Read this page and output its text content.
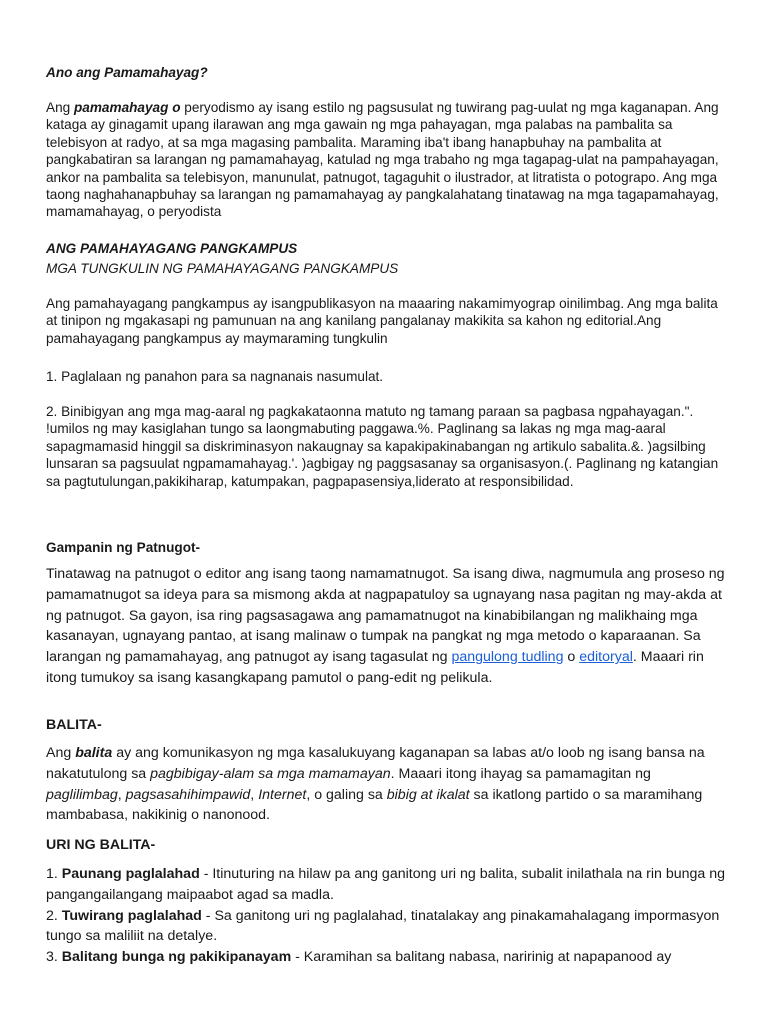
Ano ang Pamamahayag?

Ang pamamahayag o peryodismo ay isang estilo ng pagsusulat ng tuwirang pag-uulat ng mga kaganapan. Ang kataga ay ginagamit upang ilarawan ang mga gawain ng mga pahayagan, mga palabas na pambalita sa telebisyon at radyo, at sa mga magasing pambalita. Maraming iba't ibang hanapbuhay na pambalita at pangkabatiran sa larangan ng pamamahayag, katulad ng mga trabaho ng mga tagapag-ulat na pampahayagan, ankor na pambalita sa telebisyon, manunulat, patnugot, tagaguhit o ilustrador, at litratista o potograpo. Ang mga taong naghahanapbuhay sa larangan ng pamamahayag ay pangkalahatang tinatawag na mga tagapamahayag, mamamahayag, o peryodista

ANG PAMAHAYAGANG PANGKAMPUS
MGA TUNGKULIN NG PAMAHAYAGANG PANGKAMPUS

Ang pamahayagang pangkampus ay isangpublikasyon na maaaring nakamimyograp oinilimbag. Ang mga balita at tinipon ng mgakasapi ng pamunuan na ang kanilang pangalanay makikita sa kahon ng editorial.Ang pamahayagang pangkampus ay maymaraming tungkulin

1. Paglalaan ng panahon para sa nagnanais nasumulat.

2. Binibigyan ang mga mag-aaral ng pagkakataonna matuto ng tamang paraan sa pagbasa ngpahayagan.". !umilos ng may kasiglahan tungo sa laongmabuting paggawa.%. Paglinang sa lakas ng mga mag-aaral sapagmamasid hinggil sa diskriminasyon nakaugnay sa kapakipakinabangan ng artikulo sabalita.&. )agsilbing lunsaran sa pagsuulat ngpamamahayag.'. )agbigay ng paggsasanay sa organisasyon.(. Paglinang ng katangian sa pagtutulungan,pakikiharap, katumpakan, pagpapasensiya,liderato at responsibilidad.

Gampanin ng Patnugot-

Tinatawag na patnugot o editor ang isang taong namamatnugot. Sa isang diwa, nagmumula ang proseso ng pamamatnugot sa ideya para sa mismong akda at nagpapatuloy sa ugnayang nasa pagitan ng may-akda at ng patnugot. Sa gayon, isa ring pagsasagawa ang pamamatnugot na kinabibilangan ng malikhaing mga kasanayan, ugnayang pantao, at isang malinaw o tumpak na pangkat ng mga metodo o kaparaanan. Sa larangan ng pamamahayag, ang patnugot ay isang tagasulat ng pangulong tudling o editoryal. Maaari rin itong tumukoy sa isang kasangkapang pamutol o pang-edit ng pelikula.

BALITA-

Ang balita ay ang komunikasyon ng mga kasalukuyang kaganapan sa labas at/o loob ng isang bansa na nakatutulong sa pagbibigay-alam sa mga mamamayan. Maaari itong ihayag sa pamamagitan ng paglilimbag, pagsasahihimpawid, Internet, o galing sa bibig at ikalat sa ikatlong partido o sa maramihang mambabasa, nakikinig o nanonood.

URI NG BALITA-

1. Paunang paglalahad - Itinuturing na hilaw pa ang ganitong uri ng balita, subalit inilathala na rin bunga ng pangangailangang maipaabot agad sa madla.

2. Tuwirang paglalahad - Sa ganitong uri ng paglalahad, tinatalakay ang pinakamahalagang impormasyon tungo sa maliliit na detalye.

3. Balitang bunga ng pakikipanayam - Karamihan sa balitang nabasa, naririnig at napapanood ay
